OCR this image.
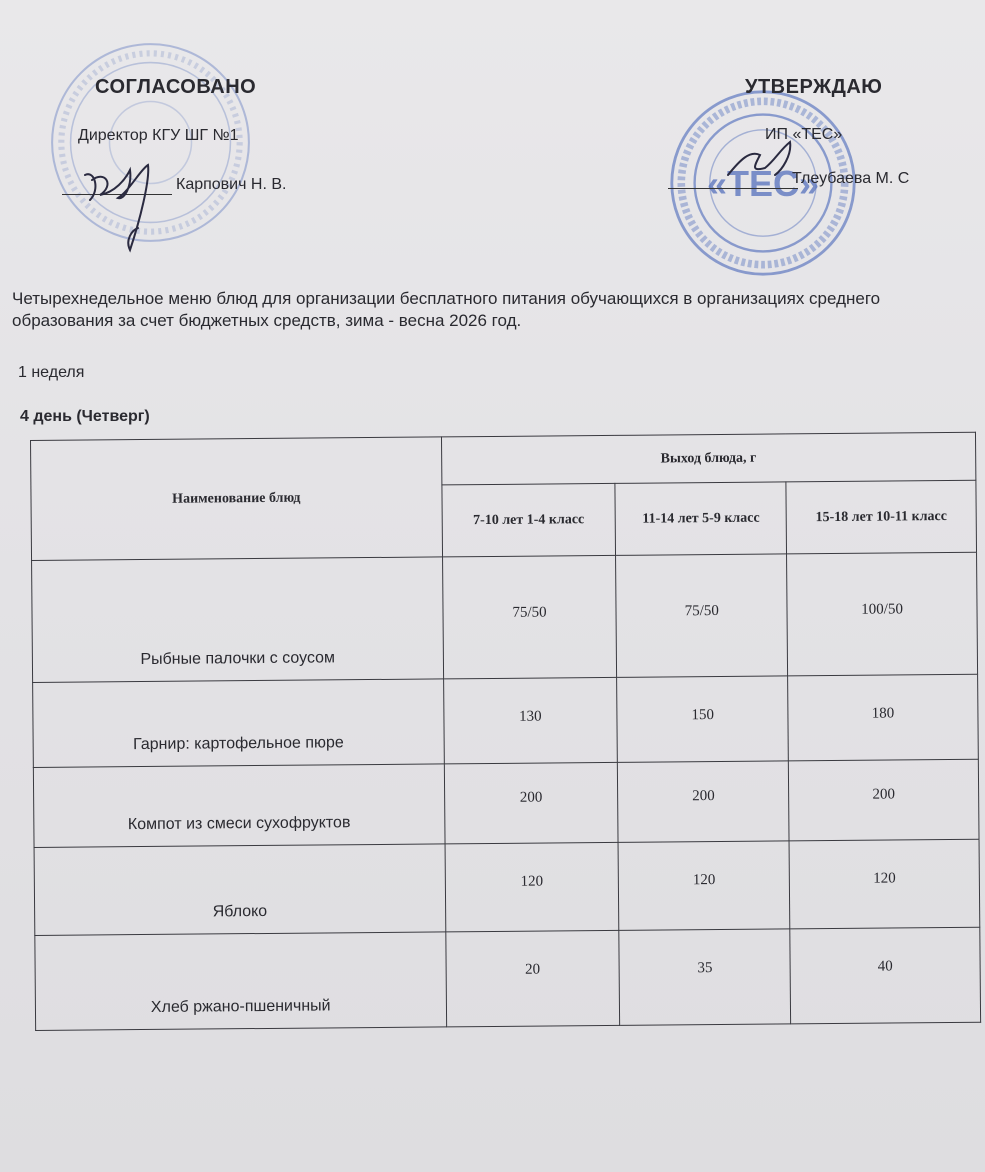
«ТЕС»
СОГЛАСОВАНО
Директор КГУ ШГ №1
Карпович Н. В.
УТВЕРЖДАЮ
ИП «ТЕС»
Тлеубаева М. С
Четырехнедельное меню блюд для организации бесплатного питания обучающихся в организациях среднего образования за счет бюджетных средств, зима - весна 2026 год.
1 неделя
4 день (Четверг)
Наименование блюд	Выход блюда, г		
	7-10 лет 1-4 класс	11-14 лет 5-9 класс	15-18 лет 10-11 класс
Рыбные палочки с соусом	75/50	75/50	100/50
Гарнир: картофельное пюре	130	150	180
Компот из смеси сухофруктов	200	200	200
Яблоко	120	120	120
Хлеб ржано-пшеничный	20	35	40
